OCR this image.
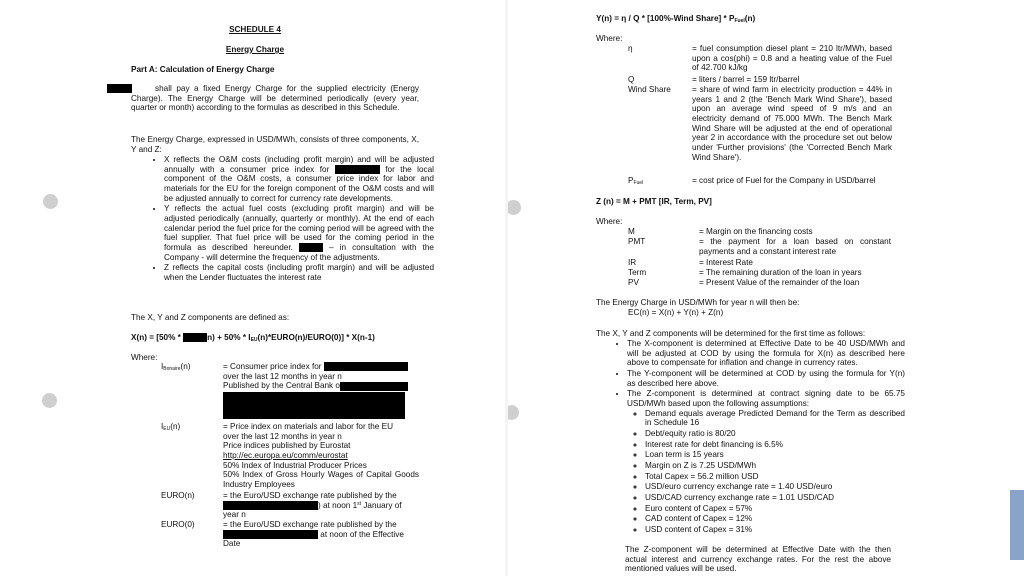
SCHEDULE 4
Energy Charge
Part A: Calculation of Energy Charge

shall pay a fixed Energy Charge for the supplied electricity (Energy Charge). The Energy Charge will be determined periodically (every year, quarter or month) according to the formulas as described in this Schedule.

The Energy Charge, expressed in USD/MWh, consists of three components, X, Y and Z:

• X reflects the O&M costs (including profit margin) and will be adjusted annually with a consumer price index for	for the local component of the O&M costs, a consumer price index for labor and materials for the EU for the foreign component of the O&M costs and will be adjusted annually to correct for currency rate developments.
• Y reflects the actual fuel costs (excluding profit margin) and will be adjusted periodically (annually, quarterly or monthly). At the end of each calendar period the fuel price for the coming period will be agreed with the fuel supplier. That fuel price will be used for the coming period in the formula as described hereunder.	– in consultation with the Company - will determine the frequency of the adjustments.
• Z reflects the capital costs (including profit margin) and will be adjusted when the Lender fluctuates the interest rate

The X, Y and Z components are defined as:

X(n) = [50% *	$n) + 50\% * I_{EU}(n)*EURO(n)/EURO(0)] * X(n-1)$

Where:

$I_{Bonaire}(n)$	= Consumer price index for
over the last 12 months in year n
Published by the Central Bank o
$I_{EU}(n)$	= Price index on materials and labor for the EU
over the last 12 months in year n
Price indices published by Eurostat
http://ec.europa.eu/comm/eurostat
50% Index of Industrial Producer Prices
50% Index of Gross Hourly Wages of Capital Goods Industry Employees
EURO(n)	= the Euro/USD exchange rate published by the
) at noon 1st January of
year n
EURO(0)	= the Euro/USD exchange rate published by the
at noon of the Effective
Date

Y(n) = η / Q * [100%-Wind Share] * $P_{Fuel}(n)$

Where:

η	= fuel consumption diesel plant = 210 ltr/MWh, based upon a cos(phi) = 0.8 and a heating value of the Fuel of 42.700 kJ/kg
Q	= liters / barrel = 159 ltr/barrel
Wind Share	= share of wind farm in electricity production = 44% in years 1 and 2 (the 'Bench Mark Wind Share'), based upon an average wind speed of 9 m/s and an electricity demand of 75.000 MWh. The Bench Mark Wind Share will be adjusted at the end of operational year 2 in accordance with the procedure set out below under 'Further provisions' (the 'Corrected Bench Mark Wind Share').
$P_{Fuel}$	= cost price of Fuel for the Company in USD/barrel

Z (n) = M + PMT [IR, Term, PV]

Where:

M	= Margin on the financing costs
PMT	= the payment for a loan based on constant payments and a constant interest rate
IR	= Interest Rate
Term	= The remaining duration of the loan in years
PV	= Present Value of the remainder of the loan

The Energy Charge in USD/MWh for year n will then be:

EC(n) = X(n) + Y(n) + Z(n)

The X, Y and Z components will be determined for the first time as follows:

• The X-component is determined at Effective Date to be 40 USD/MWh and will be adjusted at COD by using the formula for X(n) as described here above to compensate for inflation and change in currency rates.
• The Y-component will be determined at COD by using the formula for Y(n) as described here above.
• The Z-component is determined at contract signing date to be 65.75 USD/MWh based upon the following assumptions:
◦ Demand equals average Predicted Demand for the Term as described in Schedule 16
◦ Debt/equity ratio is 80/20
◦ Interest rate for debt financing is 6.5%
◦ Loan term is 15 years
◦ Margin on Z is 7.25 USD/MWh
◦ Total Capex = 56.2 million USD
◦ USD/euro currency exchange rate = 1.40 USD/euro
◦ USD/CAD currency exchange rate = 1.01 USD/CAD
◦ Euro content of Capex = 57%
◦ CAD content of Capex = 12%
◦ USD content of Capex = 31%

The Z-component will be determined at Effective Date with the then actual interest and currency exchange rates. For the rest the above mentioned values will be used.
